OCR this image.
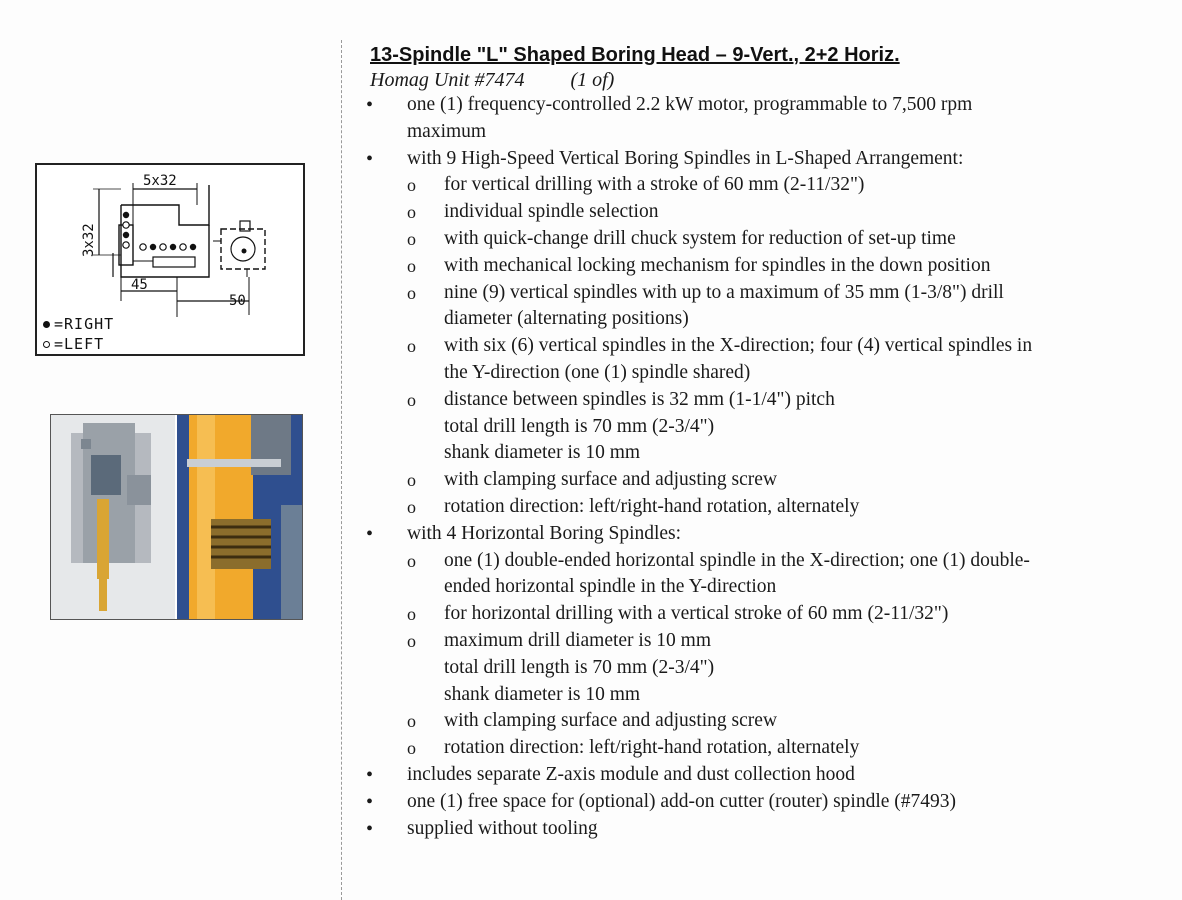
5x32
3x32
45
50
=RIGHT
=LEFT

13-Spindle "L" Shaped Boring Head – 9-Vert., 2+2 Horiz.

Homag Unit #7474 (1 of)

• one (1) frequency-controlled 2.2 kW motor, programmable to 7,500 rpm
maximum
• with 9 High-Speed Vertical Boring Spindles in L-Shaped Arrangement:
o for vertical drilling with a stroke of 60 mm (2-11/32")
o individual spindle selection
o with quick-change drill chuck system for reduction of set-up time
o with mechanical locking mechanism for spindles in the down position
o nine (9) vertical spindles with up to a maximum of 35 mm (1-3/8") drill
diameter (alternating positions)
o with six (6) vertical spindles in the X-direction; four (4) vertical spindles in
the Y-direction (one (1) spindle shared)
o distance between spindles is 32 mm (1-1/4") pitch
total drill length is 70 mm (2-3/4")
shank diameter is 10 mm
o with clamping surface and adjusting screw
o rotation direction: left/right-hand rotation, alternately
• with 4 Horizontal Boring Spindles:
o one (1) double-ended horizontal spindle in the X-direction; one (1) double-
ended horizontal spindle in the Y-direction
o for horizontal drilling with a vertical stroke of 60 mm (2-11/32")
o maximum drill diameter is 10 mm
total drill length is 70 mm (2-3/4")
shank diameter is 10 mm
o with clamping surface and adjusting screw
o rotation direction: left/right-hand rotation, alternately
• includes separate Z-axis module and dust collection hood
• one (1) free space for (optional) add-on cutter (router) spindle (#7493)
• supplied without tooling
